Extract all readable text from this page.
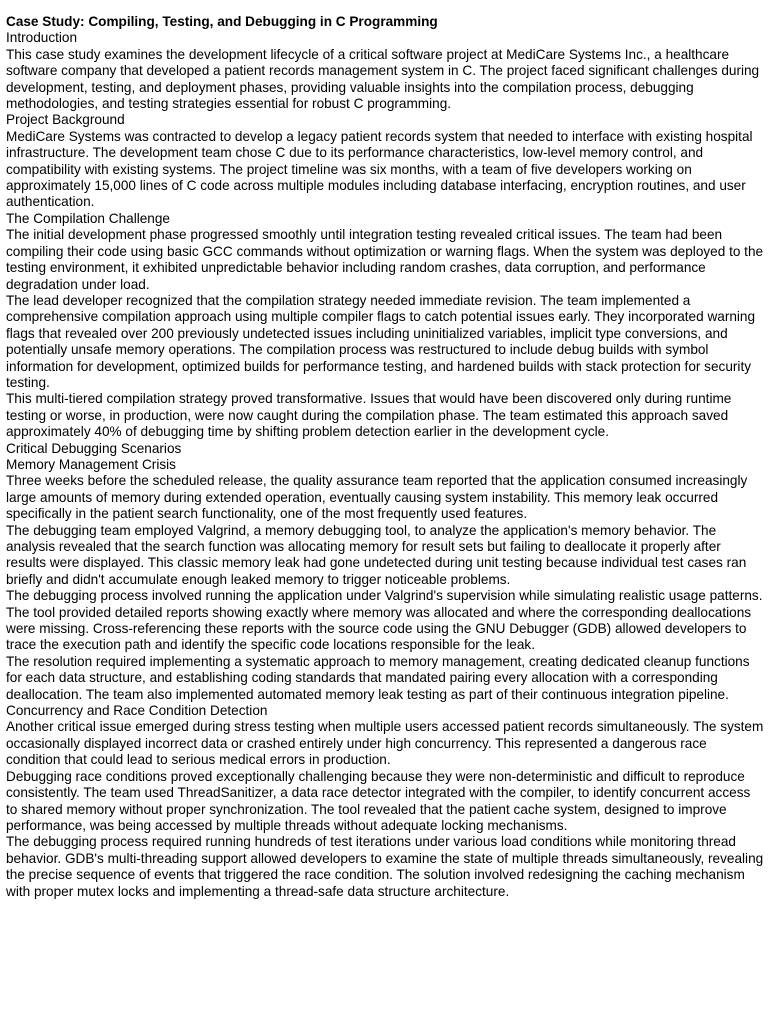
Case Study: Compiling, Testing, and Debugging in C Programming
Introduction

This case study examines the development lifecycle of a critical software project at MediCare Systems Inc., a healthcare software company that developed a patient records management system in C. The project faced significant challenges during development, testing, and deployment phases, providing valuable insights into the compilation process, debugging methodologies, and testing strategies essential for robust C programming.

Project Background

MediCare Systems was contracted to develop a legacy patient records system that needed to interface with existing hospital infrastructure. The development team chose C due to its performance characteristics, low-level memory control, and compatibility with existing systems. The project timeline was six months, with a team of five developers working on approximately 15,000 lines of C code across multiple modules including database interfacing, encryption routines, and user authentication.

The Compilation Challenge

The initial development phase progressed smoothly until integration testing revealed critical issues. The team had been compiling their code using basic GCC commands without optimization or warning flags. When the system was deployed to the testing environment, it exhibited unpredictable behavior including random crashes, data corruption, and performance degradation under load.

The lead developer recognized that the compilation strategy needed immediate revision. The team implemented a comprehensive compilation approach using multiple compiler flags to catch potential issues early. They incorporated warning flags that revealed over 200 previously undetected issues including uninitialized variables, implicit type conversions, and potentially unsafe memory operations. The compilation process was restructured to include debug builds with symbol information for development, optimized builds for performance testing, and hardened builds with stack protection for security testing.

This multi-tiered compilation strategy proved transformative. Issues that would have been discovered only during runtime testing or worse, in production, were now caught during the compilation phase. The team estimated this approach saved approximately 40% of debugging time by shifting problem detection earlier in the development cycle.

Critical Debugging Scenarios
Memory Management Crisis

Three weeks before the scheduled release, the quality assurance team reported that the application consumed increasingly large amounts of memory during extended operation, eventually causing system instability. This memory leak occurred specifically in the patient search functionality, one of the most frequently used features.

The debugging team employed Valgrind, a memory debugging tool, to analyze the application's memory behavior. The analysis revealed that the search function was allocating memory for result sets but failing to deallocate it properly after results were displayed. This classic memory leak had gone undetected during unit testing because individual test cases ran briefly and didn't accumulate enough leaked memory to trigger noticeable problems.

The debugging process involved running the application under Valgrind's supervision while simulating realistic usage patterns. The tool provided detailed reports showing exactly where memory was allocated and where the corresponding deallocations were missing. Cross-referencing these reports with the source code using the GNU Debugger (GDB) allowed developers to trace the execution path and identify the specific code locations responsible for the leak.

The resolution required implementing a systematic approach to memory management, creating dedicated cleanup functions for each data structure, and establishing coding standards that mandated pairing every allocation with a corresponding deallocation. The team also implemented automated memory leak testing as part of their continuous integration pipeline.

Concurrency and Race Condition Detection

Another critical issue emerged during stress testing when multiple users accessed patient records simultaneously. The system occasionally displayed incorrect data or crashed entirely under high concurrency. This represented a dangerous race condition that could lead to serious medical errors in production.

Debugging race conditions proved exceptionally challenging because they were non-deterministic and difficult to reproduce consistently. The team used ThreadSanitizer, a data race detector integrated with the compiler, to identify concurrent access to shared memory without proper synchronization. The tool revealed that the patient cache system, designed to improve performance, was being accessed by multiple threads without adequate locking mechanisms.

The debugging process required running hundreds of test iterations under various load conditions while monitoring thread behavior. GDB's multi-threading support allowed developers to examine the state of multiple threads simultaneously, revealing the precise sequence of events that triggered the race condition. The solution involved redesigning the caching mechanism with proper mutex locks and implementing a thread-safe data structure architecture.
